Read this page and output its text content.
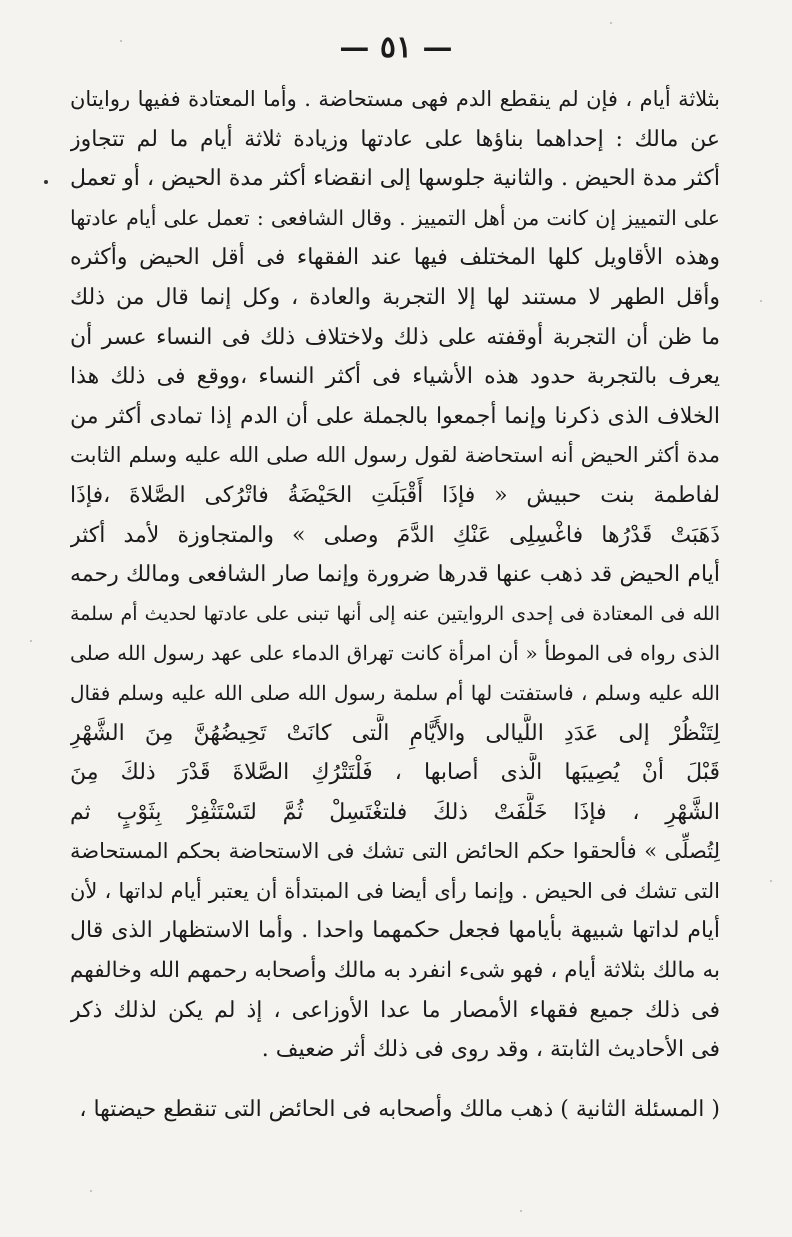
— ٥١ —
بثلاثة أيام ، فإن لم ينقطع الدم فهى مستحاضة . وأما المعتادة ففيها روايتان
عن مالك : إحداهما بناؤها على عادتها وزيادة ثلاثة أيام ما لم تتجاوز
أكثر مدة الحيض . والثانية جلوسها إلى انقضاء أكثر مدة الحيض ، أو تعمل
على التمييز إن كانت من أهل التمييز . وقال الشافعى : تعمل على أيام عادتها
وهذه الأقاويل كلها المختلف فيها عند الفقهاء فى أقل الحيض وأكثره
وأقل الطهر لا مستند لها إلا التجربة والعادة ، وكل إنما قال من ذلك
ما ظن أن التجربة أوقفته على ذلك ولاختلاف ذلك فى النساء عسر أن
يعرف بالتجربة حدود هذه الأشياء فى أكثر النساء ،ووقع فى ذلك هذا
الخلاف الذى ذكرنا وإنما أجمعوا بالجملة على أن الدم إذا تمادى أكثر من
مدة أكثر الحيض أنه استحاضة لقول رسول الله صلى الله عليه وسلم الثابت
لفاطمة بنت حبيش « فإذَا أَقْبَلَتِ الحَيْضَةُ فاتْرُكى الصَّلاةَ ،فإذَا
ذَهَبَتْ قَدْرُها فاغْسِلِى عَنْكِ الدَّمَ وصلى » والمتجاوزة لأمد أكثر
أيام الحيض قد ذهب عنها قدرها ضرورة وإنما صار الشافعى ومالك رحمه
الله فى المعتادة فى إحدى الروايتين عنه إلى أنها تبنى على عادتها لحديث أم سلمة
الذى رواه فى الموطأ « أن امرأة كانت تهراق الدماء على عهد رسول الله صلى
الله عليه وسلم ، فاستفتت لها أم سلمة رسول الله صلى الله عليه وسلم فقال
لِتَنْظُرْ إلى عَدَدِ اللَّيالى والأَيَّامِ الَّتى كانَتْ تَحِيضُهُنَّ مِنَ الشَّهْرِ
قَبْلَ أنْ يُصِيبَها الَّذى أصابها ، فَلْتَتْرُكِ الصَّلاةَ قَدْرَ ذلكَ مِنَ
الشَّهْرِ ، فإذَا خَلَّفَتْ ذلكَ فلتغْتَسِلْ ثُمَّ لتَسْتَثْفِرْ بِثَوْبٍ ثم
لِتُصلِّى » فألحقوا حكم الحائض التى تشك فى الاستحاضة بحكم المستحاضة
التى تشك فى الحيض . وإنما رأى أيضا فى المبتدأة أن يعتبر أيام لداتها ، لأن
أيام لداتها شبيهة بأيامها فجعل حكمهما واحدا . وأما الاستظهار الذى قال
به مالك بثلاثة أيام ، فهو شىء انفرد به مالك وأصحابه رحمهم الله وخالفهم
فى ذلك جميع فقهاء الأمصار ما عدا الأوزاعى ، إذ لم يكن لذلك ذكر
فى الأحاديث الثابتة ، وقد روى فى ذلك أثر ضعيف .
( المسئلة الثانية ) ذهب مالك وأصحابه فى الحائض التى تنقطع حيضتها ،
